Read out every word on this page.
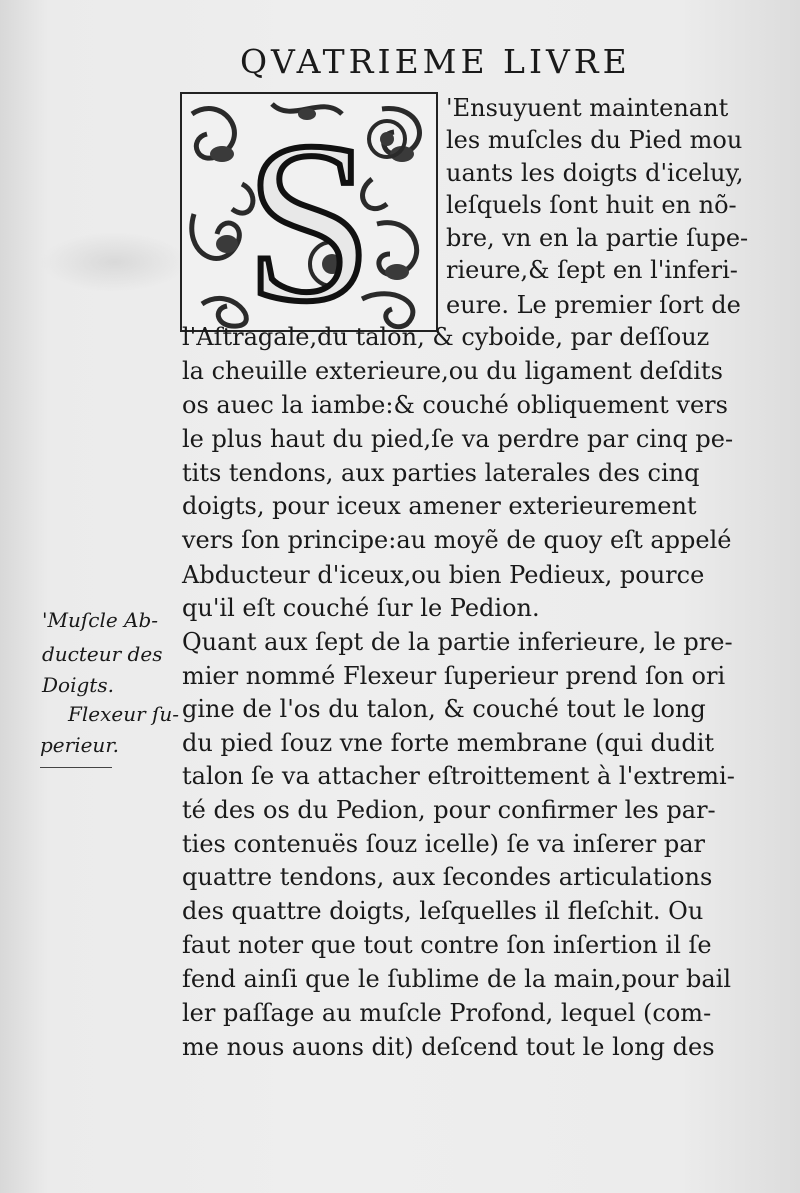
QVATRIEME LIVRE
S	'Ensuyuent maintenant
les muſcles du Pied mou
uants les doigts d'iceluy,
leſquels ſont huit en nõ-
bre, vn en la partie ſupe-
rieure,& ſept en l'inferi-
eure. Le premier ſort de
l'Aſtragale,du talon, & cyboide, par deſſouz
la cheuille exterieure,ou du ligament deſdits
os auec la iambe:& couché obliquement vers
le plus haut du pied,ſe va perdre par cinq pe-
tits tendons, aux parties laterales des cinq
doigts, pour iceux amener exterieurement
vers ſon principe:au moyẽ de quoy eſt appelé
Abducteur d'iceux,ou bien Pedieux, pource
qu'il eſt couché ſur le Pedion.
Quant aux ſept de la partie inferieure, le pre-
mier nommé Flexeur ſuperieur prend ſon ori
gine de l'os du talon, & couché tout le long
du pied ſouz vne forte membrane (qui dudit
talon ſe va attacher eſtroittement à l'extremi-
té des os du Pedion, pour confirmer les par-
ties contenuës ſouz icelle) ſe va inſerer par
quattre tendons, aux ſecondes articulations
des quattre doigts, leſquelles il fleſchit. Ou
faut noter que tout contre ſon inſertion il ſe
fend ainſi que le ſublime de la main,pour bail
ler paſſage au muſcle Profond, lequel (com-
me nous auons dit) deſcend tout le long des
'Muſcle Ab-
ducteur des
Doigts.
Flexeur ſu-
perieur.
